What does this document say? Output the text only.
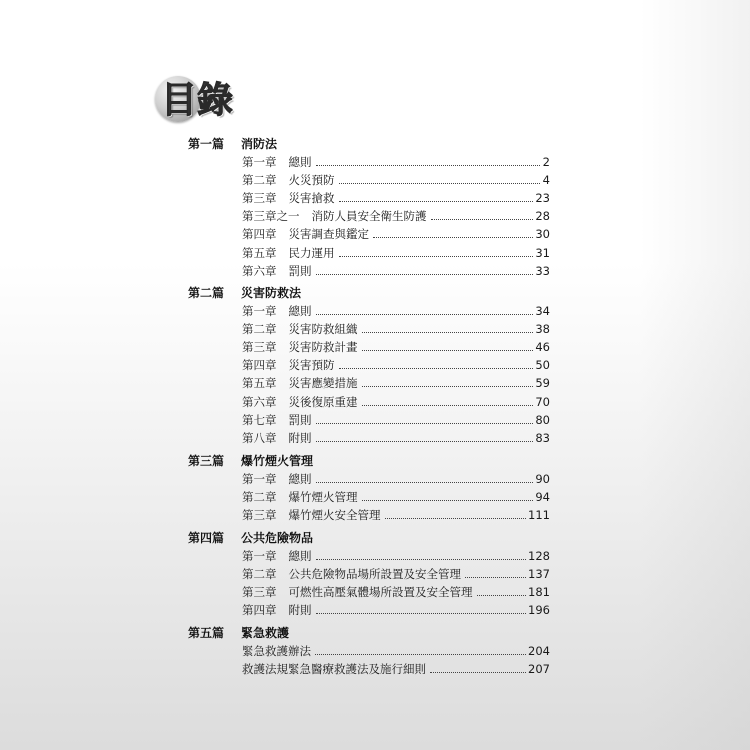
目錄
第一篇	消防法
第一章 總則	2
第二章 火災預防	4
第三章 災害搶救	23
第三章之一 消防人員安全衛生防護	28
第四章 災害調查與鑑定	30
第五章 民力運用	31
第六章 罰則	33
第二篇	災害防救法
第一章 總則	34
第二章 災害防救組織	38
第三章 災害防救計畫	46
第四章 災害預防	50
第五章 災害應變措施	59
第六章 災後復原重建	70
第七章 罰則	80
第八章 附則	83
第三篇	爆竹煙火管理
第一章 總則	90
第二章 爆竹煙火管理	94
第三章 爆竹煙火安全管理	111
第四篇	公共危險物品
第一章 總則	128
第二章 公共危險物品場所設置及安全管理	137
第三章 可燃性高壓氣體場所設置及安全管理	181
第四章 附則	196
第五篇	緊急救護
緊急救護辦法	204
救護法規緊急醫療救護法及施行細則	207
